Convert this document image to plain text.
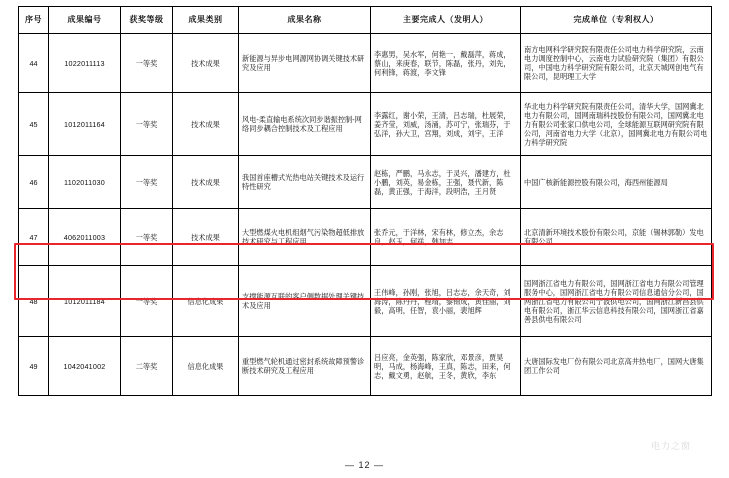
序号	成果编号	获奖等级	成果类别	成果名称	主要完成人（发明人）	完成单位（专利权人）
44	1022011113	一等奖	技术成果	新能源与异步电网源网协调关键技术研究及应用	李惠男，吴水军，何艳一，戴磊萍，蒋成，蔡山，来庚春，联节，陈磊，张丹，刘先，何利锋，蒋渡，李文锋	南方电网科学研究院有限责任公司电力科学研究院，云南电力调度控制中心，云南电力试验研究院（集团）有限公司，中国电力科学研究院有限公司，北京天城网创电气有限公司，昆明理工大学
45	1012011164	一等奖	技术成果	风电-柔直输电系统次同步谐振控制-网络同步耦合控制技术及工程应用	李露红，谢小荣，王清，吕志瑞，杜展荣，姜齐莹，刘威，汤涌，苏可宁，张瑞芬，于弘洋，孙大卫，宫翔，刘成，刘宇，王洋	华北电力科学研究院有限责任公司，清华大学，国网冀北电力有限公司，国网南瑞科技股份有限公司，国网冀北电力有限公司张家口供电公司，全球能源互联网研究院有限公司，河南省电力大学（北京），国网冀北电力有限公司电力科学研究院
46	1102011030	一等奖	技术成果	我国首座槽式光热电站关键技术及运行特性研究	赵栋，严鹏，马永志，于灵兴，潘建方，杜小鹏，刘英，易金栋，王强，聂代新，陈磊，黄正强，于海洋，段明浩，王月贤	中国广核新能源控股有限公司，海西州能源局
47	4062011003	一等奖	技术成果	大型燃煤火电机组烟气污染物超低排放技术研究与工程应用	张乔元，于洋林，宋有林，修立杰，余志良，赵玉，何祥，韩加志	北京清新环境技术股份有限公司，京能（锡林郭勒）发电有限公司
48	1012011184	一等奖	信息化成果	支撑能源互联的客户侧数据处理关键技术及应用	王伟峰，孙刚，张旭，吕志志，余天奇，刘海涛，陈丹丹，程靖，黎锦成，黄佳丽，刘毅，高明，任智，袁小丽，裴旭辉	国网浙江省电力有限公司，国网浙江省电力有限公司管理服务中心，国网浙江省电力有限公司信息通信分公司，国网浙江省电力有限公司宁波供电公司，国网浙江新昌县供电有限公司，浙江华云信息科技有限公司，国网浙江省嘉善县供电有限公司
49	1042041002	二等奖	信息化成果	重型燃气轮机通过密封系统故障预警诊断技术研究及工程应用	吕应亮，金英强，陈家欣，邓景彦，贾昊明，马成，杨海峰，王真，陈志，田来，何志，戴文勇，赵航，王冬，黄欣，李东	大唐国际发电厂份有限公司北京高井热电厂，国网大唐集团工作公司
— 12 —
电力之窗
